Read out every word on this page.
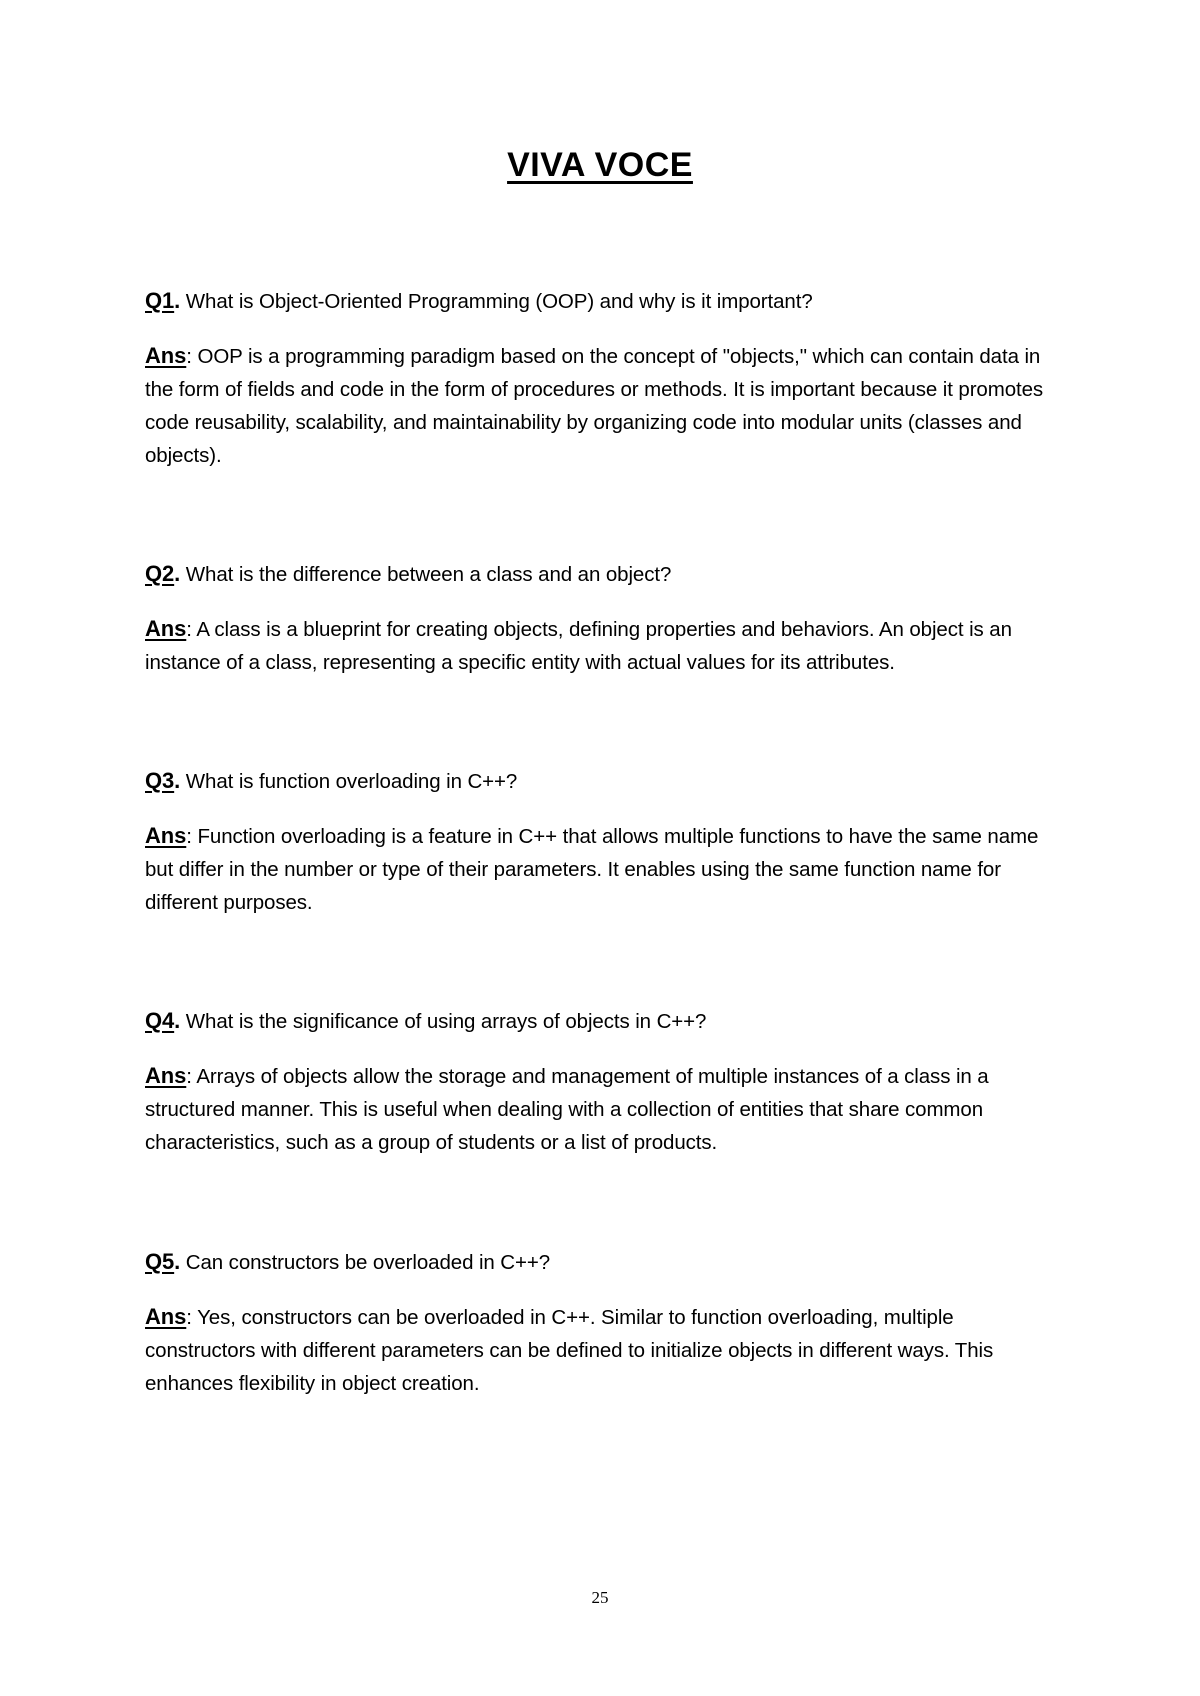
VIVA VOCE

Q1. What is Object-Oriented Programming (OOP) and why is it important?

Ans: OOP is a programming paradigm based on the concept of "objects," which can contain data in the form of fields and code in the form of procedures or methods. It is important because it promotes code reusability, scalability, and maintainability by organizing code into modular units (classes and objects).

Q2. What is the difference between a class and an object?

Ans: A class is a blueprint for creating objects, defining properties and behaviors. An object is an instance of a class, representing a specific entity with actual values for its attributes.

Q3. What is function overloading in C++?

Ans: Function overloading is a feature in C++ that allows multiple functions to have the same name but differ in the number or type of their parameters. It enables using the same function name for different purposes.

Q4. What is the significance of using arrays of objects in C++?

Ans: Arrays of objects allow the storage and management of multiple instances of a class in a structured manner. This is useful when dealing with a collection of entities that share common characteristics, such as a group of students or a list of products.

Q5. Can constructors be overloaded in C++?

Ans: Yes, constructors can be overloaded in C++. Similar to function overloading, multiple constructors with different parameters can be defined to initialize objects in different ways. This enhances flexibility in object creation.

25
